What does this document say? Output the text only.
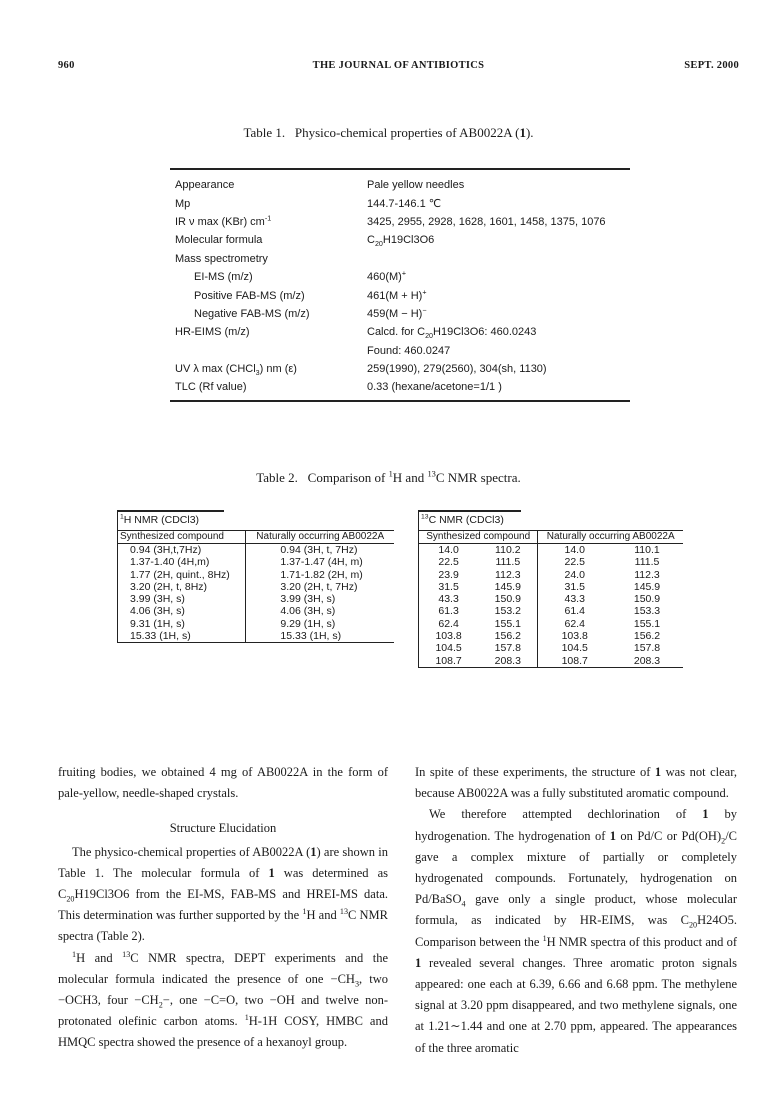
960	THE JOURNAL OF ANTIBIOTICS	SEPT. 2000
Table 1. Physico-chemical properties of AB0022A (1).
Appearance	Pale yellow needles
Mp	144.7-146.1 ℃
IR ν max (KBr) $cm^{-1}$	3425, 2955, 2928, 1628, 1601, 1458, 1375, 1076
Molecular formula	$C_{20}H19Cl3O6$
Mass spectrometry
EI-MS (m/z)	460(M)+
Positive FAB-MS (m/z)	461(M + H)+
Negative FAB-MS (m/z)	459(M − H)−
HR-EIMS (m/z)	Calcd. for $C_{20}H19Cl3O6$: 460.0243
Found: 460.0247
UV λ max (CHCl$_3$) nm (ε)	259(1990), 279(2560), 304(sh, 1130)
TLC (Rf value)	0.33 (hexane/acetone=1/1 )
Table 2. Comparison of $^1$H and $^{13}$C NMR spectra.
$^1$H NMR (CDCl3)
Synthesized compound	Naturally occurring AB0022A
0.94 (3H,t,7Hz)	0.94 (3H, t, 7Hz)
1.37-1.40 (4H,m)	1.37-1.47 (4H, m)
1.77 (2H, quint., 8Hz)	1.71-1.82 (2H, m)
3.20 (2H, t, 8Hz)	3.20 (2H, t, 7Hz)
3.99 (3H, s)	3.99 (3H, s)
4.06 (3H, s)	4.06 (3H, s)
9.31 (1H, s)	9.29 (1H, s)
15.33 (1H, s)	15.33 (1H, s)
$^{13}$C NMR (CDCl3)
Synthesized compound		Naturally occurring AB0022A	
14.0	110.2	14.0	110.1
22.5	111.5	22.5	111.5
23.9	112.3	24.0	112.3
31.5	145.9	31.5	145.9
43.3	150.9	43.3	150.9
61.3	153.2	61.4	153.3
62.4	155.1	62.4	155.1
103.8	156.2	103.8	156.2
104.5	157.8	104.5	157.8
108.7	208.3	108.7	208.3

fruiting bodies, we obtained 4 mg of AB0022A in the form of pale-yellow, needle-shaped crystals.

Structure Elucidation

The physico-chemical properties of AB0022A (1) are shown in Table 1. The molecular formula of 1 was determined as $C_{20}H19Cl3O6$ from the EI-MS, FAB-MS and HREI-MS data. This determination was further supported by the $^1$H and $^{13}$C NMR spectra (Table 2).

$^1$H and $^{13}$C NMR spectra, DEPT experiments and the molecular formula indicated the presence of one $-CH_3$, two −OCH3, four $-CH_2-$, one −C=O, two −OH and twelve non-protonated olefinic carbon atoms. $^1$H-1H COSY, HMBC and HMQC spectra showed the presence of a hexanoyl group.

In spite of these experiments, the structure of 1 was not clear, because AB0022A was a fully substituted aromatic compound.

We therefore attempted dechlorination of 1 by hydrogenation. The hydrogenation of 1 on Pd/C or $Pd(OH)_2/C$ gave a complex mixture of partially or completely hydrogenated compounds. Fortunately, hydrogenation on Pd/BaSO$_4$ gave only a single product, whose molecular formula, as indicated by HR-EIMS, was $C_{20}H24O5$. Comparison between the $^1$H NMR spectra of this product and of 1 revealed several changes. Three aromatic proton signals appeared: one each at 6.39, 6.66 and 6.68 ppm. The methylene signal at 3.20 ppm disappeared, and two methylene signals, one at 1.21∼1.44 and one at 2.70 ppm, appeared. The appearances of the three aromatic
